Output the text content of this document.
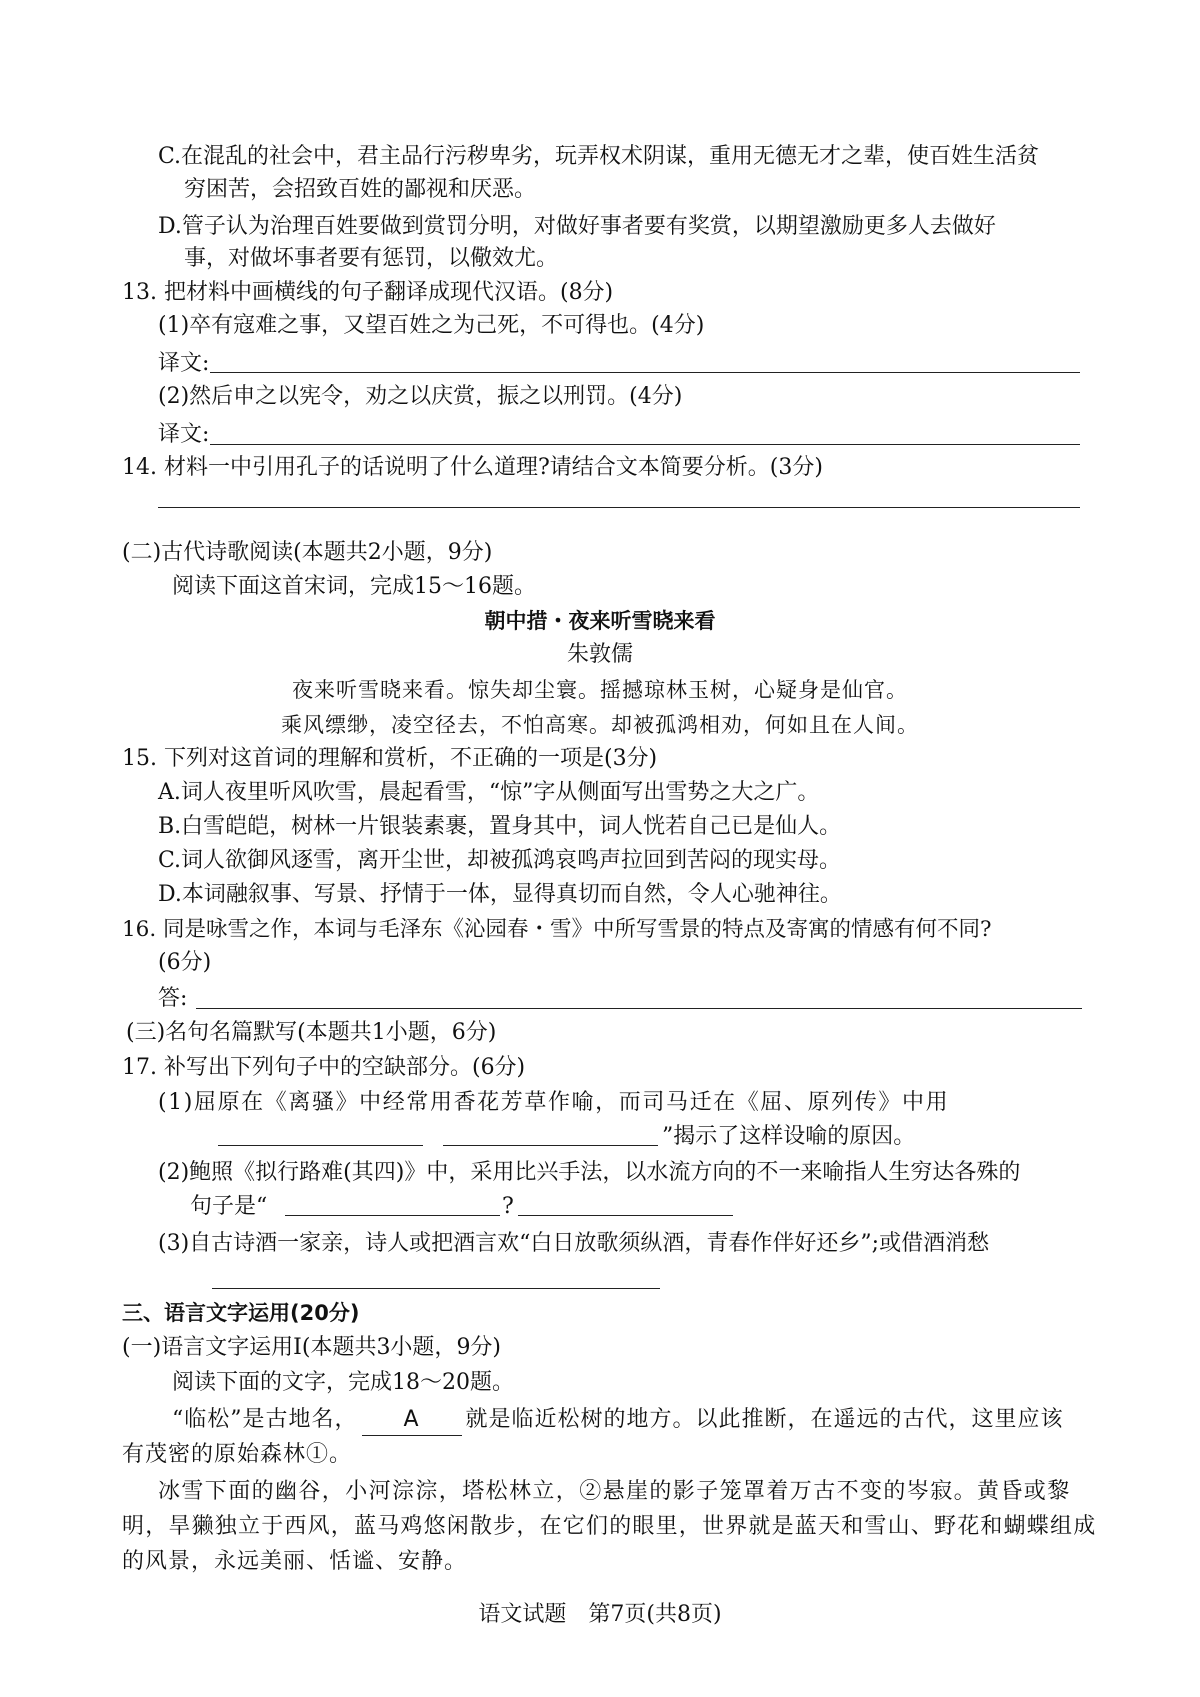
C.在混乱的社会中，君主品行污秽卑劣，玩弄权术阴谋，重用无德无才之辈，使百姓生活贫
穷困苦，会招致百姓的鄙视和厌恶。
D.管子认为治理百姓要做到赏罚分明，对做好事者要有奖赏，以期望激励更多人去做好
事，对做坏事者要有惩罚，以儆效尤。
13. 把材料中画横线的句子翻译成现代汉语。(8分)
(1)卒有寇难之事，又望百姓之为己死，不可得也。(4分)
译文:
(2)然后申之以宪令，劝之以庆赏，振之以刑罚。(4分)
译文:
14. 材料一中引用孔子的话说明了什么道理?请结合文本简要分析。(3分)
(二)古代诗歌阅读(本题共2小题，9分)
阅读下面这首宋词，完成15～16题。
朝中措・夜来听雪晓来看
朱敦儒
夜来听雪晓来看。惊失却尘寰。摇撼琼林玉树，心疑身是仙官。
乘风缥缈，凌空径去，不怕高寒。却被孤鸿相劝，何如且在人间。
15. 下列对这首词的理解和赏析，不正确的一项是(3分)
A.词人夜里听风吹雪，晨起看雪，“惊”字从侧面写出雪势之大之广。
B.白雪皑皑，树林一片银装素裹，置身其中，词人恍若自己已是仙人。
C.词人欲御风逐雪，离开尘世，却被孤鸿哀鸣声拉回到苦闷的现实母。
D.本词融叙事、写景、抒情于一体，显得真切而自然，令人心驰神往。
16. 同是咏雪之作，本词与毛泽东《沁园春・雪》中所写雪景的特点及寄寓的情感有何不同?
(6分)
答:
(三)名句名篇默写(本题共1小题，6分)
17. 补写出下列句子中的空缺部分。(6分)
(1)屈原在《离骚》中经常用香花芳草作喻，而司马迁在《屈、原列传》中用
”揭示了这样设喻的原因。
(2)鲍照《拟行路难(其四)》中，采用比兴手法，以水流方向的不一来喻指人生穷达各殊的
句子是“	?
(3)自古诗酒一家亲，诗人或把酒言欢“白日放歌须纵酒，青春作伴好还乡”;或借酒消愁
三、语言文字运用(20分)
(一)语言文字运用I(本题共3小题，9分)
阅读下面的文字，完成18～20题。
“临松”是古地名， A 就是临近松树的地方。以此推断，在遥远的古代，这里应该
有茂密的原始森林①。
冰雪下面的幽谷，小河淙淙，塔松林立，②悬崖的影子笼罩着万古不变的岑寂。黄昏或黎
明，旱獭独立于西风，蓝马鸡悠闲散步，在它们的眼里，世界就是蓝天和雪山、野花和蝴蝶组成
的风景，永远美丽、恬谧、安静。
语文试题　第7页(共8页)
